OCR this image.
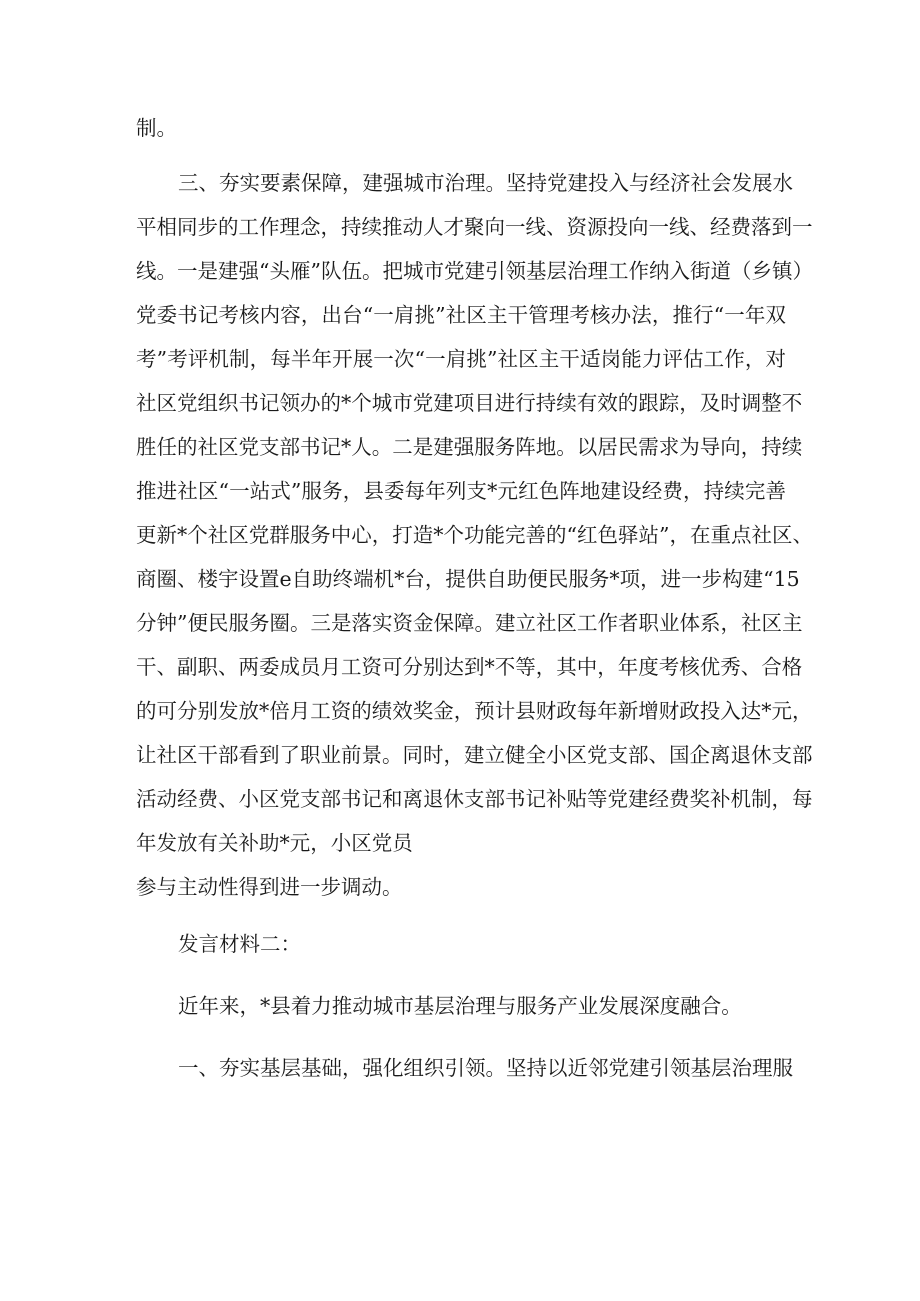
制。
三、夯实要素保障，建强城市治理。坚持党建投入与经济社会发展水
平相同步的工作理念，持续推动人才聚向一线、资源投向一线、经费落到一
线。一是建强“头雁”队伍。把城市党建引领基层治理工作纳入街道（乡镇）
党委书记考核内容，出台“一肩挑”社区主干管理考核办法，推行“一年双
考”考评机制，每半年开展一次“一肩挑”社区主干适岗能力评估工作，对
社区党组织书记领办的*个城市党建项目进行持续有效的跟踪，及时调整不
胜任的社区党支部书记*人。二是建强服务阵地。以居民需求为导向，持续
推进社区“一站式”服务，县委每年列支*元红色阵地建设经费，持续完善
更新*个社区党群服务中心，打造*个功能完善的“红色驿站”，在重点社区、
商圈、楼宇设置e自助终端机*台，提供自助便民服务*项，进一步构建“15
分钟”便民服务圈。三是落实资金保障。建立社区工作者职业体系，社区主
干、副职、两委成员月工资可分别达到*不等，其中，年度考核优秀、合格
的可分别发放*倍月工资的绩效奖金，预计县财政每年新增财政投入达*元，
让社区干部看到了职业前景。同时，建立健全小区党支部、国企离退休支部
活动经费、小区党支部书记和离退休支部书记补贴等党建经费奖补机制，每
年发放有关补助*元，小区党员
参与主动性得到进一步调动。
发言材料二：
近年来，*县着力推动城市基层治理与服务产业发展深度融合。
一、夯实基层基础，强化组织引领。坚持以近邻党建引领基层治理服
